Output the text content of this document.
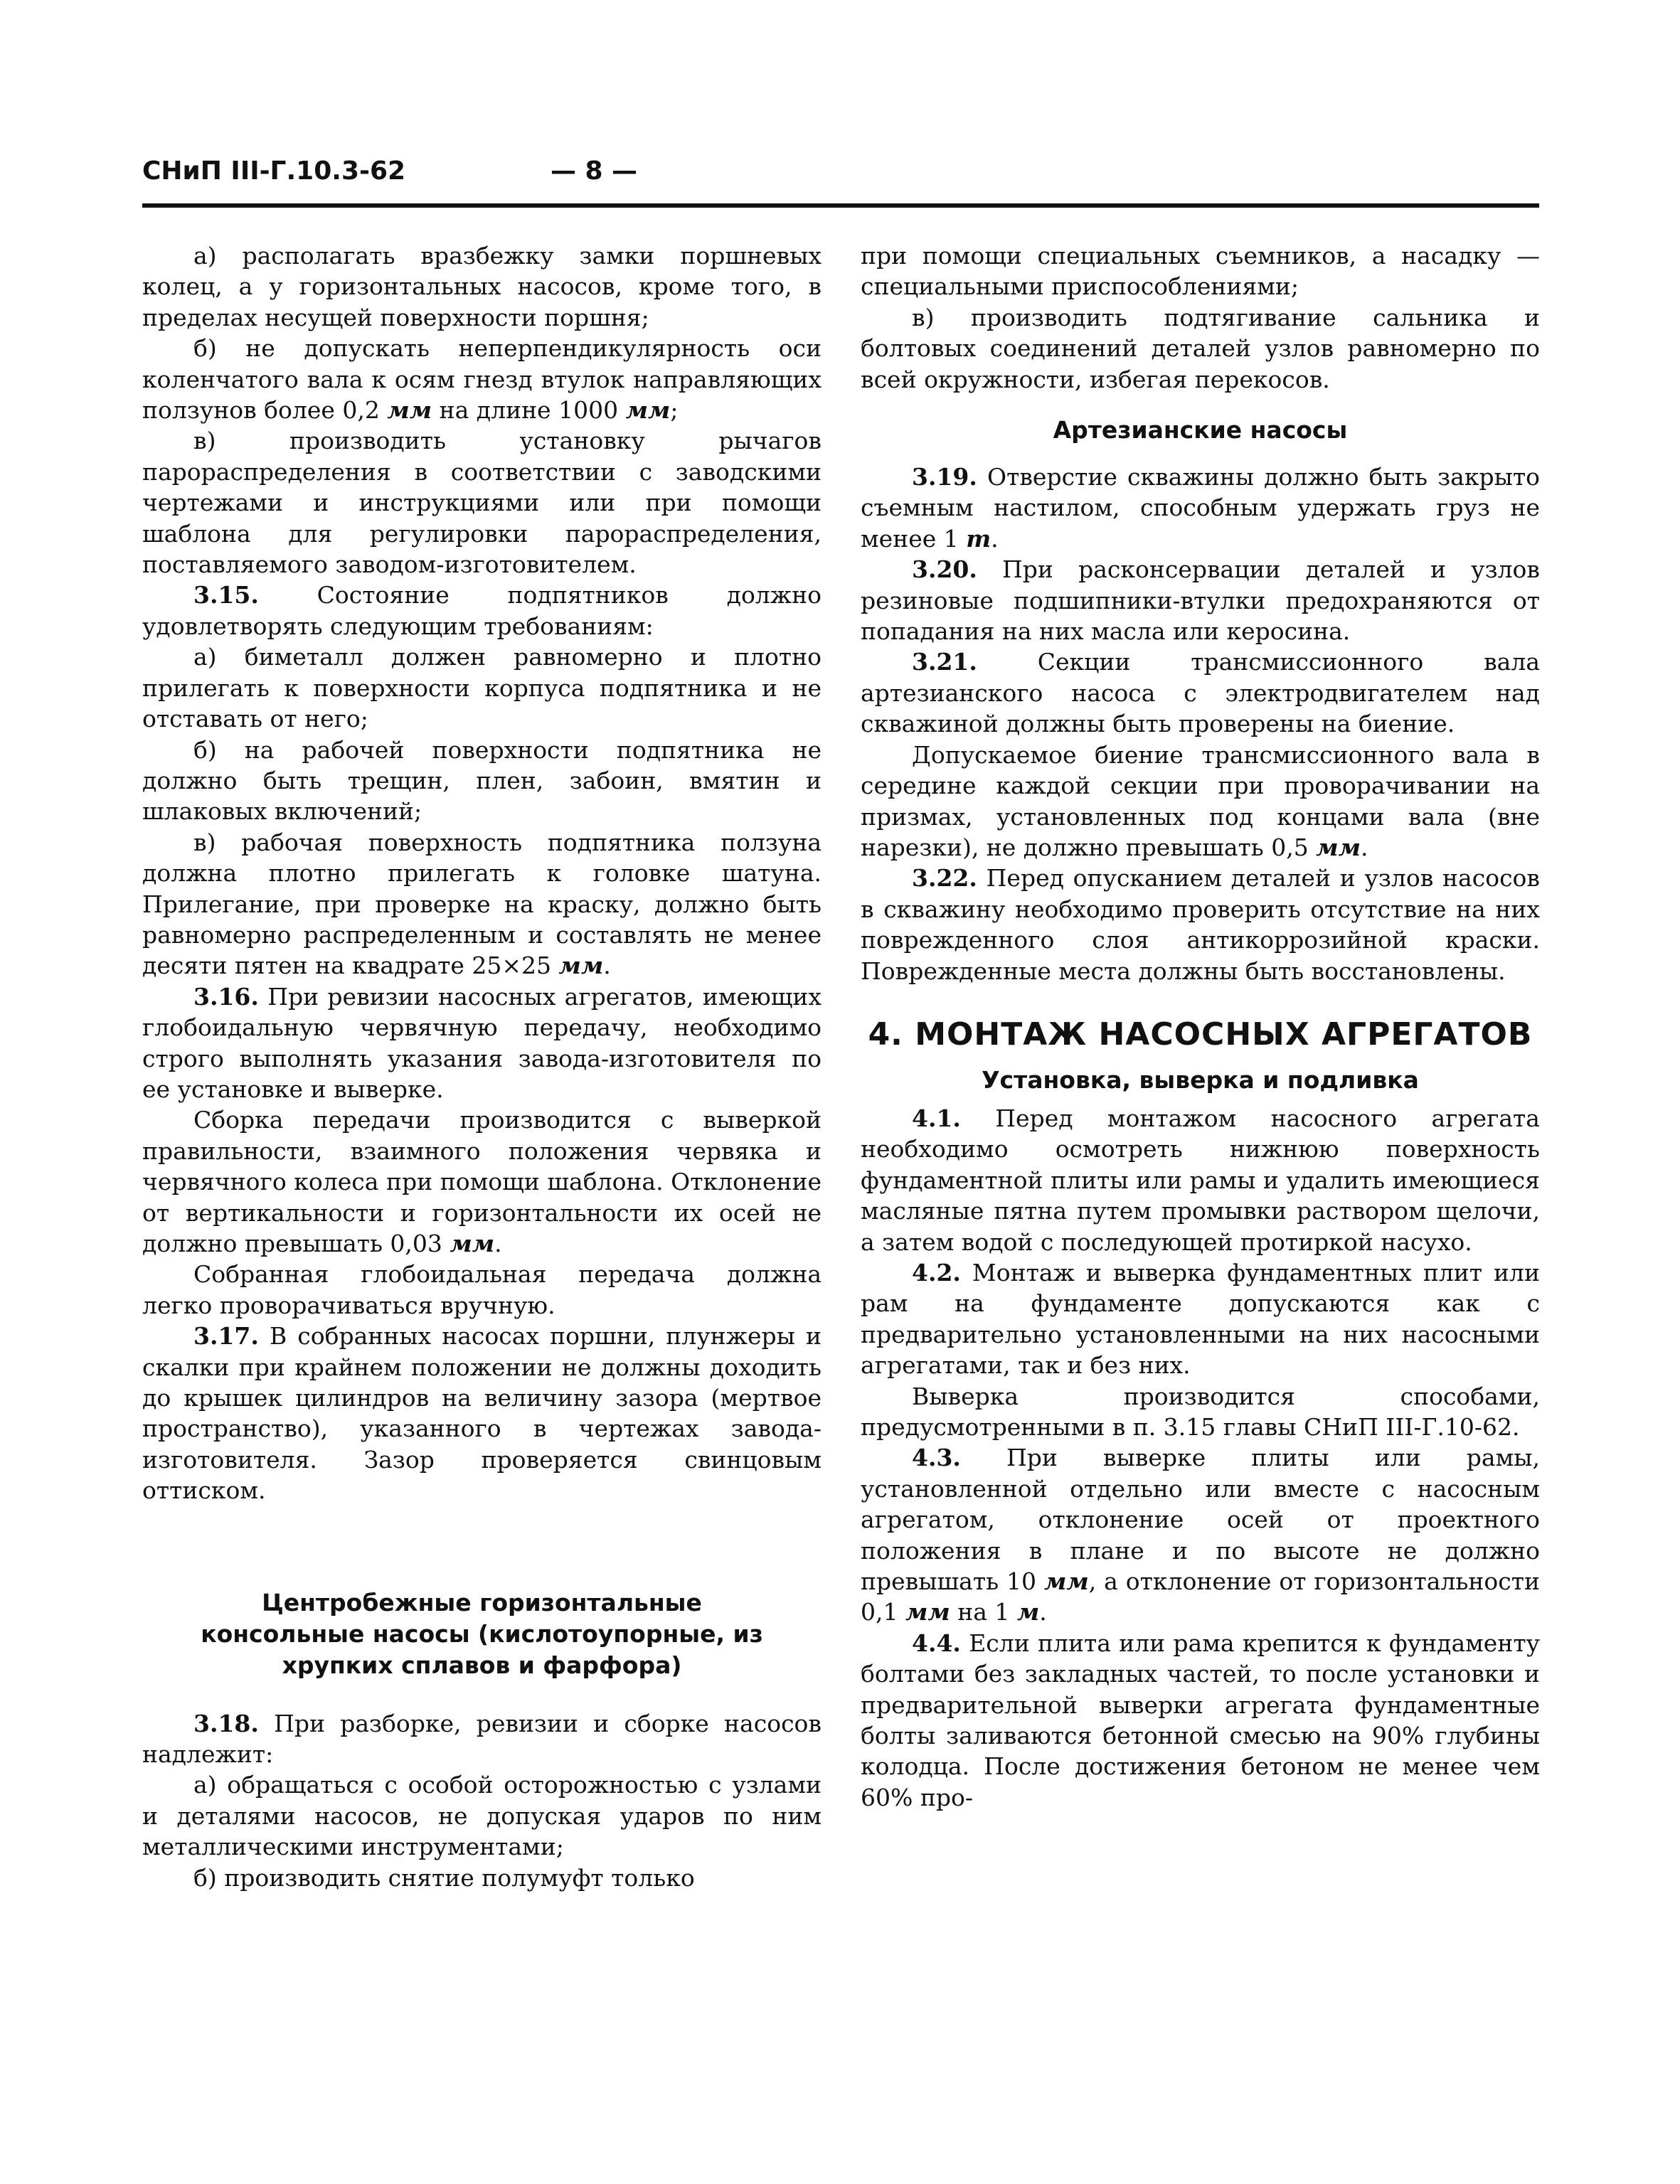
СНиП III-Г.10.3-62	— 8 —

а) располагать вразбежку замки поршневых колец, а у горизонтальных насосов, кроме того, в пределах несущей поверхности поршня;

б) не допускать неперпендикулярность оси коленчатого вала к осям гнезд втулок направляющих ползунов более 0,2 мм на длине 1000 мм;

в) производить установку рычагов парораспределения в соответствии с заводскими чертежами и инструкциями или при помощи шаблона для регулировки парораспределения, поставляемого заводом-изготовителем.

3.15. Состояние подпятников должно удовлетворять следующим требованиям:

а) биметалл должен равномерно и плотно прилегать к поверхности корпуса подпятника и не отставать от него;

б) на рабочей поверхности подпятника не должно быть трещин, плен, забоин, вмятин и шлаковых включений;

в) рабочая поверхность подпятника ползуна должна плотно прилегать к головке шатуна. Прилегание, при проверке на краску, должно быть равномерно распределенным и составлять не менее десяти пятен на квадрате 25×25 мм.

3.16. При ревизии насосных агрегатов, имеющих глобоидальную червячную передачу, необходимо строго выполнять указания завода-изготовителя по ее установке и выверке.

Сборка передачи производится с выверкой правильности, взаимного положения червяка и червячного колеса при помощи шаблона. Отклонение от вертикальности и горизонтальности их осей не должно превышать 0,03 мм.

Собранная глобоидальная передача должна легко проворачиваться вручную.

3.17. В собранных насосах поршни, плунжеры и скалки при крайнем положении не должны доходить до крышек цилиндров на величину зазора (мертвое пространство), указанного в чертежах завода-изготовителя. Зазор проверяется свинцовым оттиском.

Центробежные горизонтальные консольные насосы (кислотоупорные, из хрупких сплавов и фарфора)

3.18. При разборке, ревизии и сборке насосов надлежит:

а) обращаться с особой осторожностью с узлами и деталями насосов, не допуская ударов по ним металлическими инструментами;

б) производить снятие полумуфт только

при помощи специальных съемников, а насадку — специальными приспособлениями;

в) производить подтягивание сальника и болтовых соединений деталей узлов равномерно по всей окружности, избегая перекосов.

Артезианские насосы

3.19. Отверстие скважины должно быть закрыто съемным настилом, способным удержать груз не менее 1 т.

3.20. При расконсервации деталей и узлов резиновые подшипники-втулки предохраняются от попадания на них масла или керосина.

3.21. Секции трансмиссионного вала артезианского насоса с электродвигателем над скважиной должны быть проверены на биение.

Допускаемое биение трансмиссионного вала в середине каждой секции при проворачивании на призмах, установленных под концами вала (вне нарезки), не должно превышать 0,5 мм.

3.22. Перед опусканием деталей и узлов насосов в скважину необходимо проверить отсутствие на них поврежденного слоя антикоррозийной краски. Поврежденные места должны быть восстановлены.

4. МОНТАЖ НАСОСНЫХ АГРЕГАТОВ
Установка, выверка и подливка

4.1. Перед монтажом насосного агрегата необходимо осмотреть нижнюю поверхность фундаментной плиты или рамы и удалить имеющиеся масляные пятна путем промывки раствором щелочи, а затем водой с последующей протиркой насухо.

4.2. Монтаж и выверка фундаментных плит или рам на фундаменте допускаются как с предварительно установленными на них насосными агрегатами, так и без них.

Выверка производится способами, предусмотренными в п. 3.15 главы СНиП III-Г.10-62.

4.3. При выверке плиты или рамы, установленной отдельно или вместе с насосным агрегатом, отклонение осей от проектного положения в плане и по высоте не должно превышать 10 мм, а отклонение от горизонтальности 0,1 мм на 1 м.

4.4. Если плита или рама крепится к фундаменту болтами без закладных частей, то после установки и предварительной выверки агрегата фундаментные болты заливаются бетонной смесью на 90% глубины колодца. После достижения бетоном не менее чем 60% про-
